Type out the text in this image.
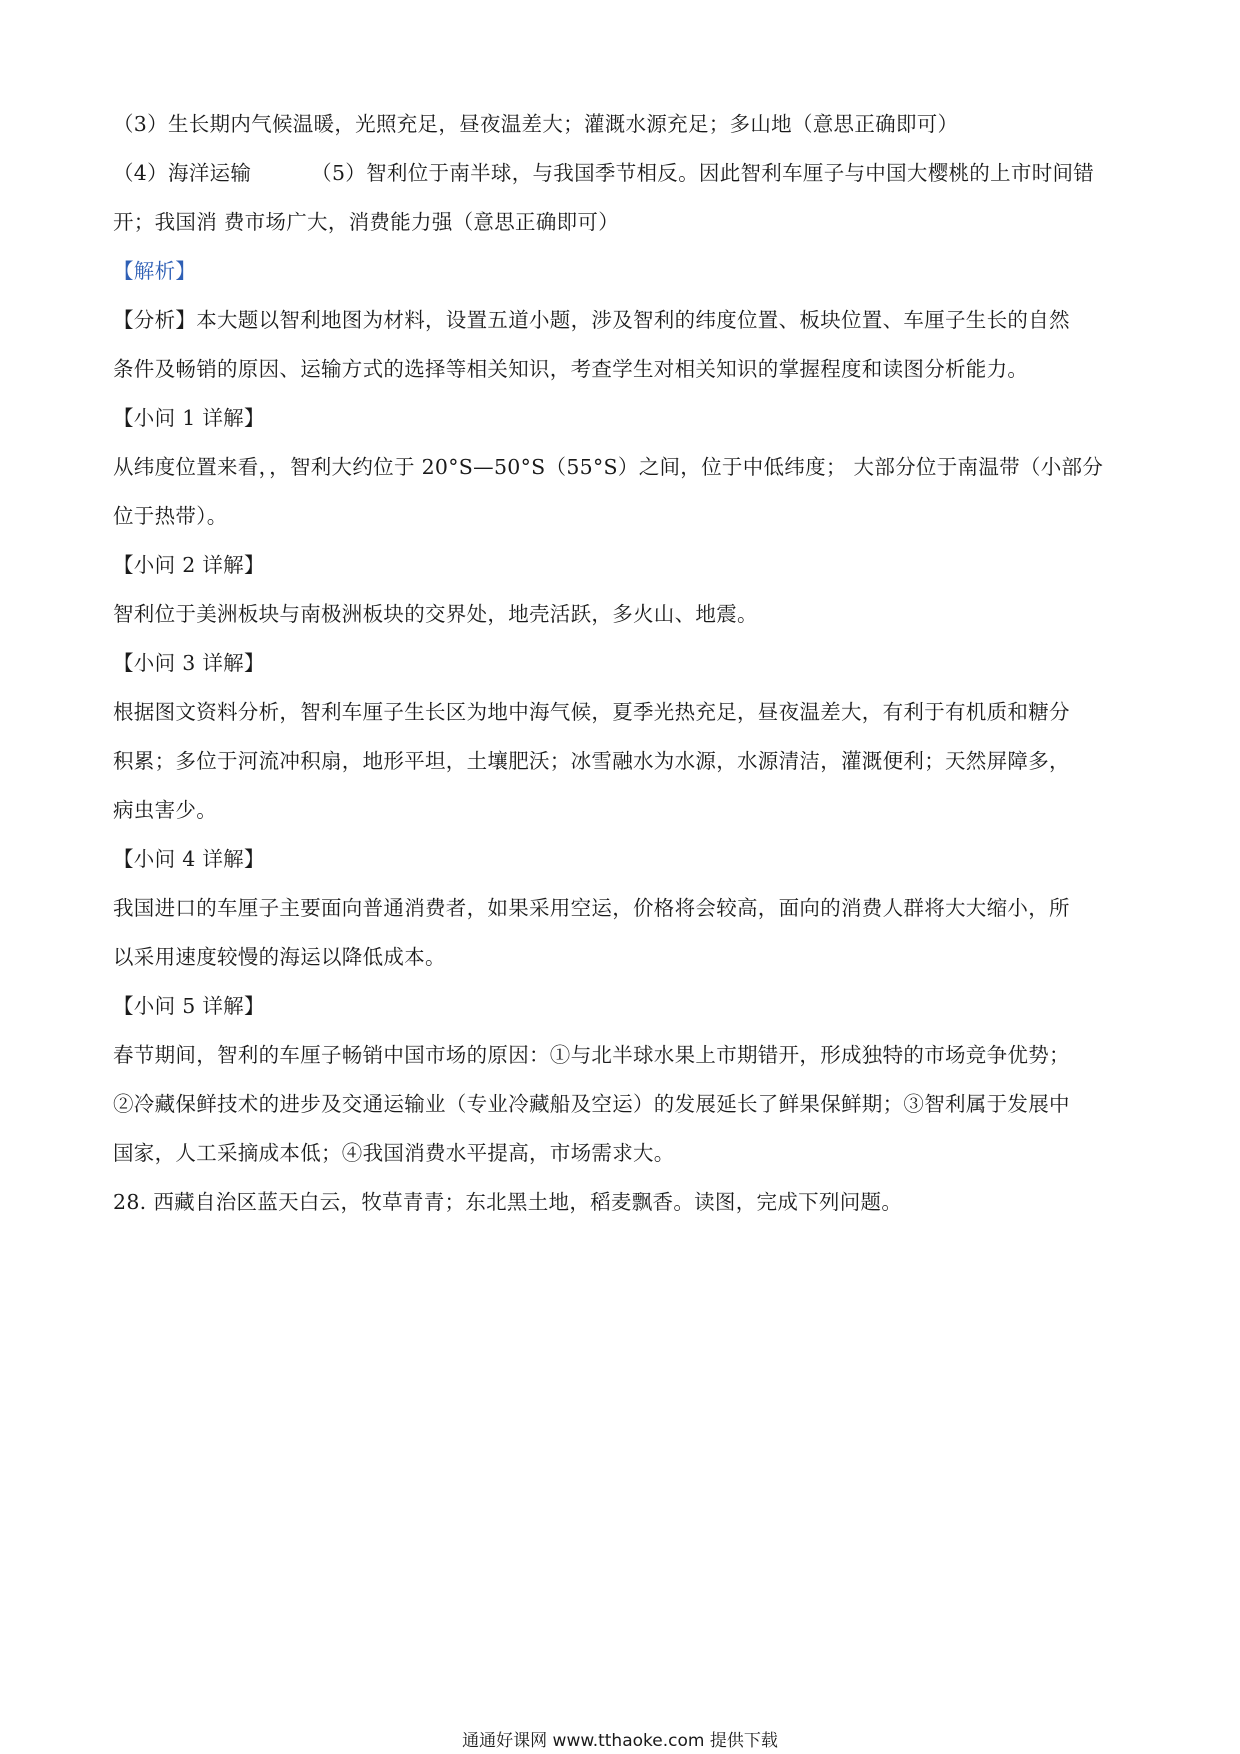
（3）生长期内气候温暖，光照充足，昼夜温差大；灌溉水源充足；多山地（意思正确即可）
（4）海洋运输	（5）智利位于南半球，与我国季节相反。因此智利车厘子与中国大樱桃的上市时间错
开；我国消 费市场广大，消费能力强（意思正确即可）
【解析】
【分析】本大题以智利地图为材料，设置五道小题，涉及智利的纬度位置、板块位置、车厘子生长的自然
条件及畅销的原因、运输方式的选择等相关知识，考查学生对相关知识的掌握程度和读图分析能力。
【小问 1 详解】
从纬度位置来看，，智利大约位于 20°S—50°S（55°S）之间，位于中低纬度； 大部分位于南温带（小部分
位于热带）。
【小问 2 详解】
智利位于美洲板块与南极洲板块的交界处，地壳活跃，多火山、地震。
【小问 3 详解】
根据图文资料分析，智利车厘子生长区为地中海气候，夏季光热充足，昼夜温差大，有利于有机质和糖分
积累；多位于河流冲积扇，地形平坦，土壤肥沃；冰雪融水为水源，水源清洁，灌溉便利；天然屏障多，
病虫害少。
【小问 4 详解】
我国进口的车厘子主要面向普通消费者，如果采用空运，价格将会较高，面向的消费人群将大大缩小，所
以采用速度较慢的海运以降低成本。
【小问 5 详解】
春节期间，智利的车厘子畅销中国市场的原因：①与北半球水果上市期错开，形成独特的市场竞争优势；
②冷藏保鲜技术的进步及交通运输业（专业冷藏船及空运）的发展延长了鲜果保鲜期；③智利属于发展中
国家，人工采摘成本低；④我国消费水平提高，市场需求大。
28. 西藏自治区蓝天白云，牧草青青；东北黑土地，稻麦飘香。读图，完成下列问题。
通通好课网 www.tthaoke.com 提供下载
